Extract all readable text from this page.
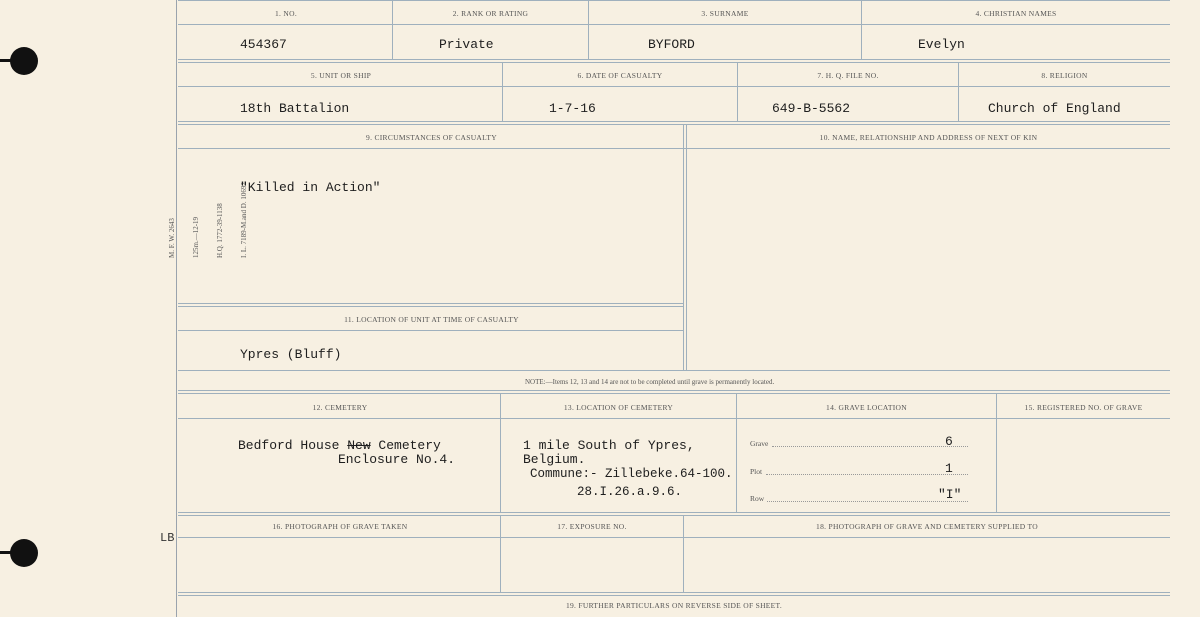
M. F. W. 2643

125m.—12-19

H.Q. 1772-39-1138

I. L. 7189-M.and D. 10692

LB
1. NO.	2. RANK OR RATING	3. SURNAME	4. CHRISTIAN NAMES
454367	Private	BYFORD	Evelyn
5. UNIT OR SHIP	6. DATE OF CASUALTY	7. H. Q. FILE NO.	8. RELIGION
18th Battalion	1-7-16	649-B-5562	Church of England
9. CIRCUMSTANCES OF CASUALTY	10. NAME, RELATIONSHIP AND ADDRESS OF NEXT OF KIN
"Killed in Action"
11. LOCATION OF UNIT AT TIME OF CASUALTY
Ypres (Bluff)
NOTE:—Items 12, 13 and 14 are not to be completed until grave is permanently located.
12. CEMETERY	13. LOCATION OF CEMETERY	14. GRAVE LOCATION	15. REGISTERED NO. OF GRAVE
Bedford House New Cemetery
Enclosure No.4.
1 mile South of Ypres,
Belgium.
Commune:- Zillebeke.64-100.
28.I.26.a.9.6.
Grave	6
Plot	1
Row	"I"
16. PHOTOGRAPH OF GRAVE TAKEN	17. EXPOSURE NO.	18. PHOTOGRAPH OF GRAVE AND CEMETERY SUPPLIED TO
19. FURTHER PARTICULARS ON REVERSE SIDE OF SHEET.
